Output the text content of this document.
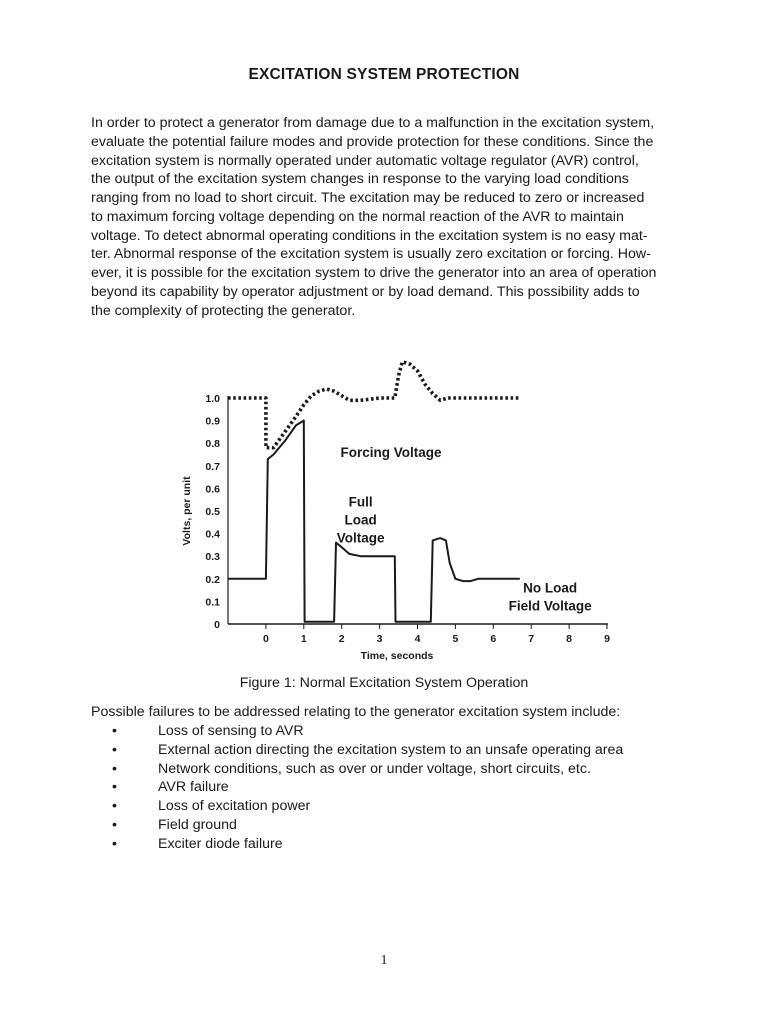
EXCITATION SYSTEM PROTECTION

In order to protect a generator from damage due to a malfunction in the excitation system,
evaluate the potential failure modes and provide protection for these conditions. Since the
excitation system is normally operated under automatic voltage regulator (AVR) control,
the output of the excitation system changes in response to the varying load conditions
ranging from no load to short circuit. The excitation may be reduced to zero or increased
to maximum forcing voltage depending on the normal reaction of the AVR to maintain
voltage. To detect abnormal operating conditions in the excitation system is no easy mat-
ter. Abnormal response of the excitation system is usually zero excitation or forcing. How-
ever, it is possible for the excitation system to drive the generator into an area of operation
beyond its capability by operator adjustment or by load demand. This possibility adds to
the complexity of protecting the generator.

0	1	2	3	4	5	6	7	8	9
0
0.1
0.2
0.3
0.4
0.5
0.6
0.7
0.8
0.9
1.0
Time, seconds
Volts, per unit
Forcing Voltage
Full
Load
Voltage
No Load
Field Voltage
Figure 1: Normal Excitation System Operation

Possible failures to be addressed relating to the generator excitation system include:

• Loss of sensing to AVR
• External action directing the excitation system to an unsafe operating area
• Network conditions, such as over or under voltage, short circuits, etc.
• AVR failure
• Loss of excitation power
• Field ground
• Exciter diode failure
1
